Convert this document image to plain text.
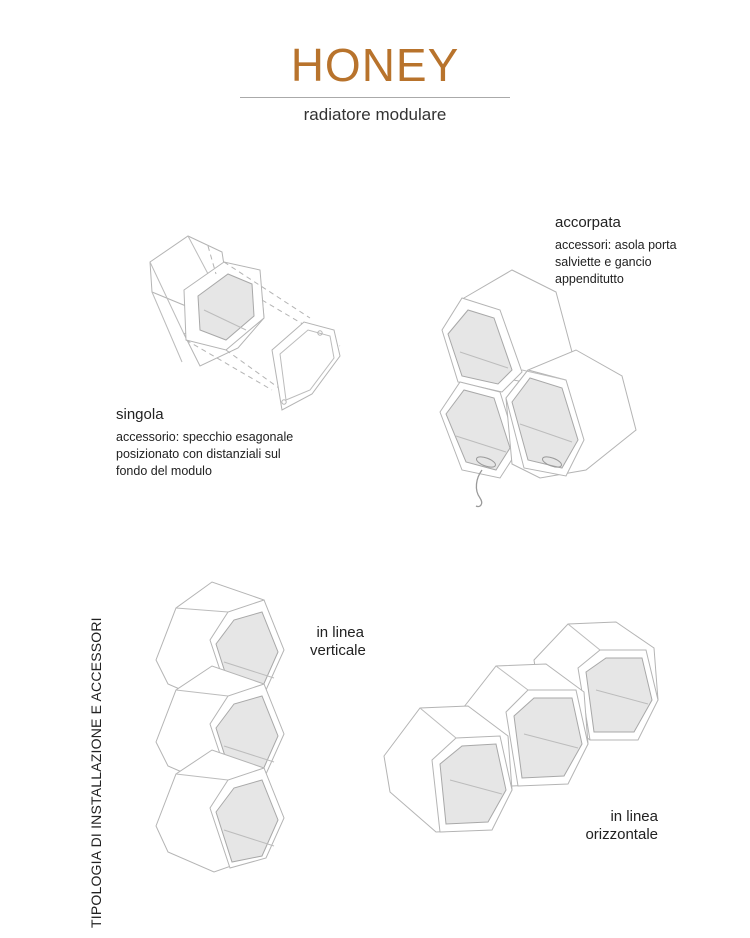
HONEY
radiatore modulare
TIPOLOGIA DI INSTALLAZIONE E ACCESSORI
singola
accessorio: specchio esagonale
posizionato con distanziali sul
fondo del modulo
accorpata
accessori: asola porta
salviette e gancio
appenditutto
in linea
verticale
in linea
orizzontale
